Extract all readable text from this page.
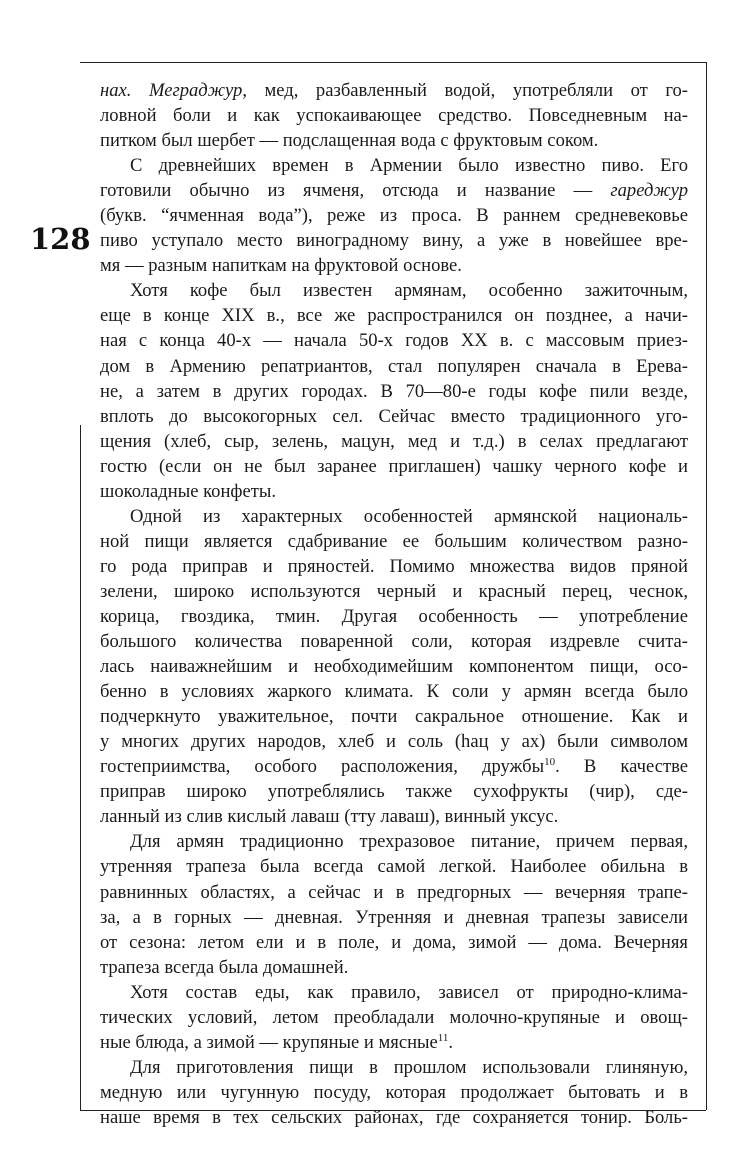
128
нах. Меграджур, мед, разбавленный водой, употребляли от го-
ловной боли и как успокаивающее средство. Повседневным на-
питком был шербет — подслащенная вода с фруктовым соком.
С древнейших времен в Армении было известно пиво. Его
готовили обычно из ячменя, отсюда и название — гареджур
(букв. “ячменная вода”), реже из проса. В раннем средневековье
пиво уступало место виноградному вину, а уже в новейшее вре-
мя — разным напиткам на фруктовой основе.
Хотя кофе был известен армянам, особенно зажиточным,
еще в конце XIX в., все же распространился он позднее, а начи-
ная с конца 40-х — начала 50-х годов XX в. с массовым приез-
дом в Армению репатриантов, стал популярен сначала в Ерева-
не, а затем в других городах. В 70—80-е годы кофе пили везде,
вплоть до высокогорных сел. Сейчас вместо традиционного уго-
щения (хлеб, сыр, зелень, мацун, мед и т.д.) в селах предлагают
гостю (если он не был заранее приглашен) чашку черного кофе и
шоколадные конфеты.
Одной из характерных особенностей армянской националь-
ной пищи является сдабривание ее большим количеством разно-
го рода приправ и пряностей. Помимо множества видов пряной
зелени, широко используются черный и красный перец, чеснок,
корица, гвоздика, тмин. Другая особенность — употребление
большого количества поваренной соли, которая издревле счита-
лась наиважнейшим и необходимейшим компонентом пищи, осо-
бенно в условиях жаркого климата. К соли у армян всегда было
подчеркнуто уважительное, почти сакральное отношение. Как и
у многих других народов, хлеб и соль (hац у ах) были символом
гостеприимства, особого расположения, дружбы$^{10}$. В качестве
приправ широко употреблялись также сухофрукты (чир), сде-
ланный из слив кислый лаваш (тту лаваш), винный уксус.
Для армян традиционно трехразовое питание, причем первая,
утренняя трапеза была всегда самой легкой. Наиболее обильна в
равнинных областях, а сейчас и в предгорных — вечерняя трапе-
за, а в горных — дневная. Утренняя и дневная трапезы зависели
от сезона: летом ели и в поле, и дома, зимой — дома. Вечерняя
трапеза всегда была домашней.
Хотя состав еды, как правило, зависел от природно-клима-
тических условий, летом преобладали молочно-крупяные и овощ-
ные блюда, а зимой — крупяные и мясные$^{11}$.
Для приготовления пищи в прошлом использовали глиняную,
медную или чугунную посуду, которая продолжает бытовать и в
наше время в тех сельских районах, где сохраняется тонир. Боль-
